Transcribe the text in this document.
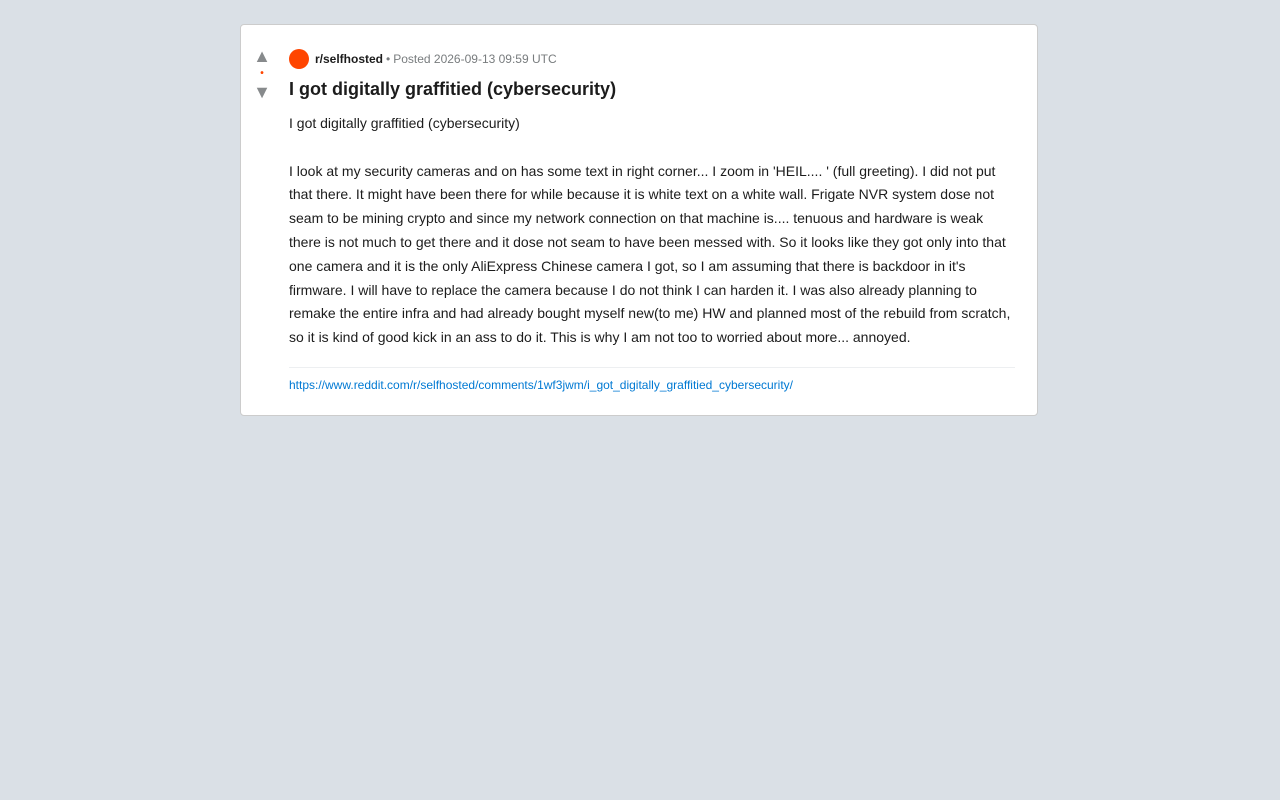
▲
•
▼
r/selfhosted • Posted 2026-09-13 09:59 UTC
I got digitally graffitied (cybersecurity)

I got digitally graffitied (cybersecurity)

I look at my security cameras and on has some text in right corner... I zoom in 'HEIL.... ' (full greeting). I did not put that there. It might have been there for while because it is white text on a white wall. Frigate NVR system dose not seam to be mining crypto and since my network connection on that machine is.... tenuous and hardware is weak there is not much to get there and it dose not seam to have been messed with. So it looks like they got only into that one camera and it is the only AliExpress Chinese camera I got, so I am assuming that there is backdoor in it's firmware. I will have to replace the camera because I do not think I can harden it. I was also already planning to remake the entire infra and had already bought myself new(to me) HW and planned most of the rebuild from scratch, so it is kind of good kick in an ass to do it. This is why I am not too to worried about more... annoyed.

https://www.reddit.com/r/selfhosted/comments/1wf3jwm/i_got_digitally_graffitied_cybersecurity/
